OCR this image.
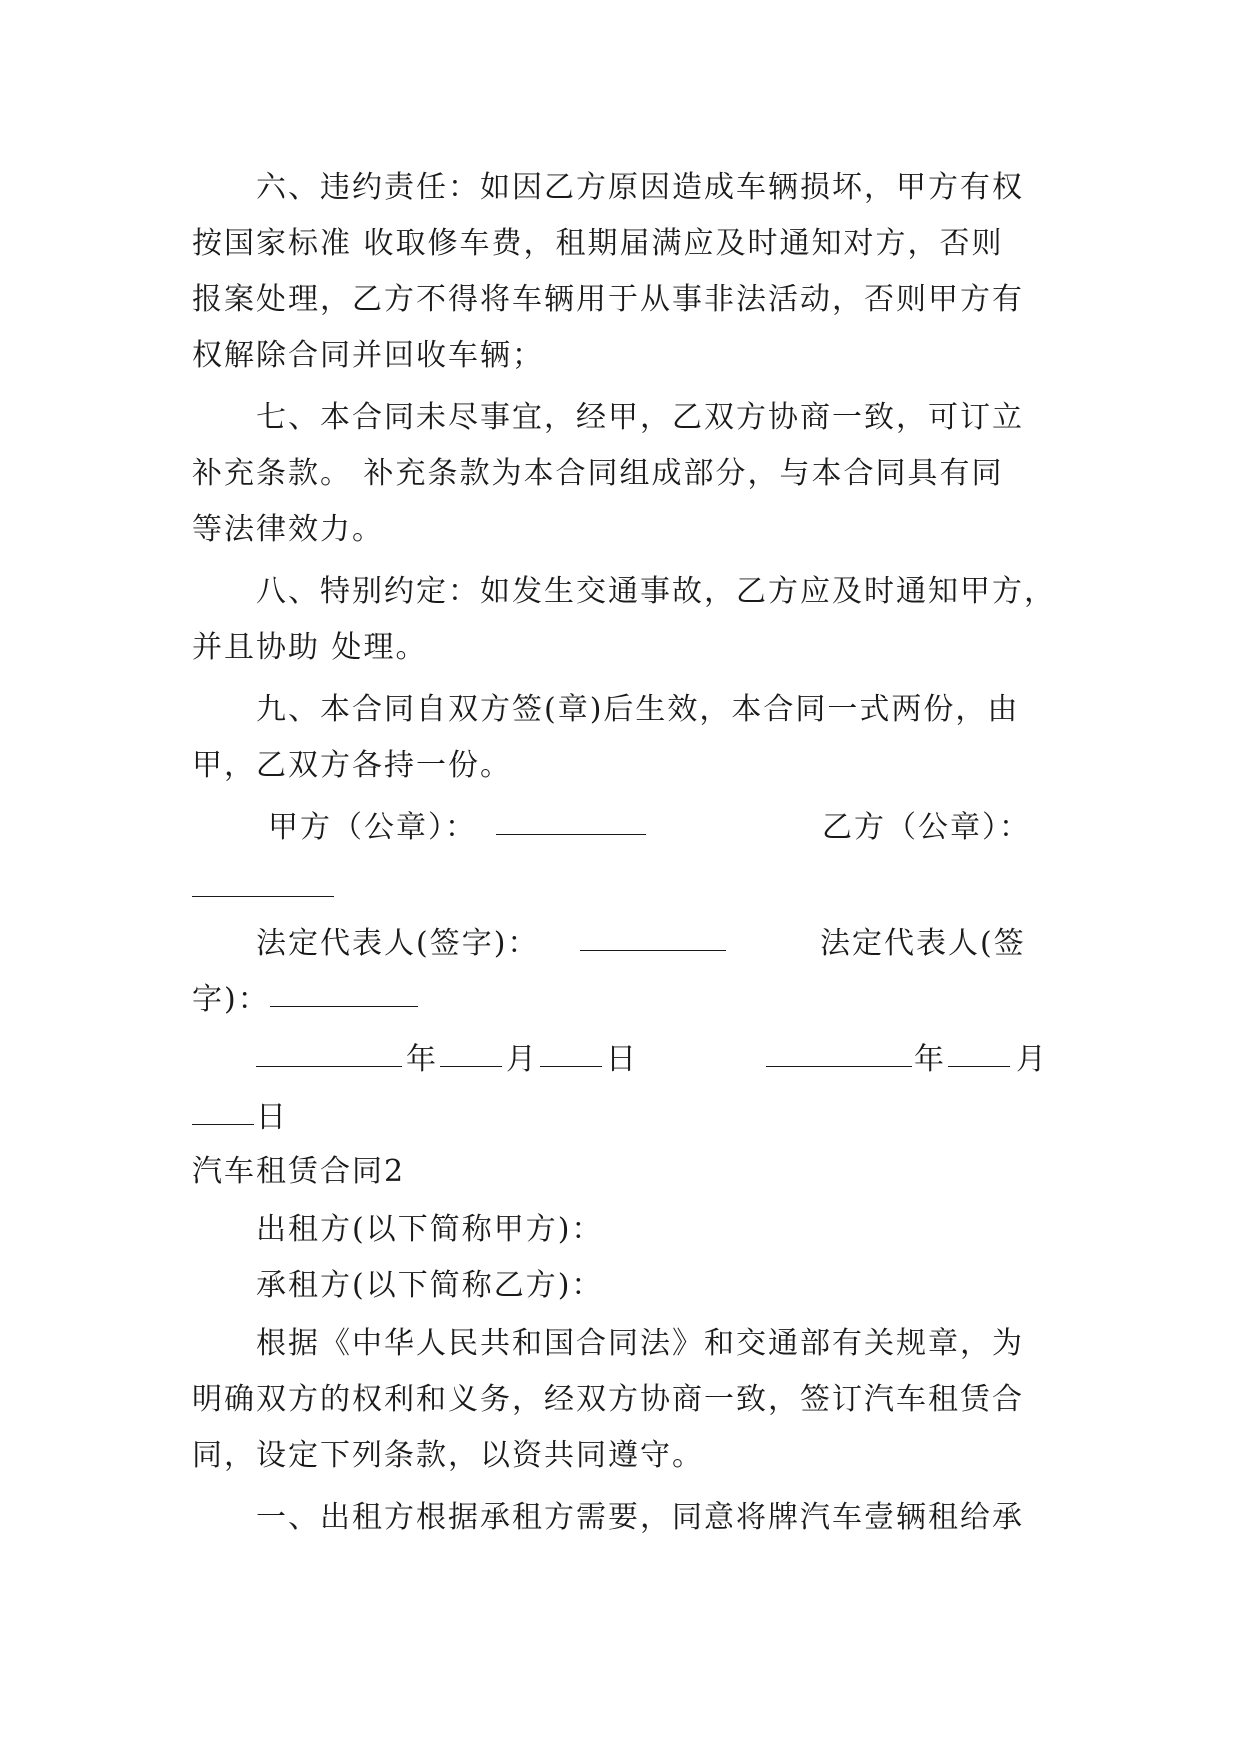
六、违约责任：如因乙方原因造成车辆损坏，甲方有权
按国家标准 收取修车费，租期届满应及时通知对方，否则
报案处理，乙方不得将车辆用于从事非法活动，否则甲方有
权解除合同并回收车辆；
七、本合同未尽事宜，经甲，乙双方协商一致，可订立
补充条款。 补充条款为本合同组成部分，与本合同具有同
等法律效力。
八、特别约定：如发生交通事故，乙方应及时通知甲方，
并且协助 处理。
九、本合同自双方签(章)后生效，本合同一式两份，由
甲，乙双方各持一份。
甲方（公章）：	乙方（公章）：
法定代表人(签字)：	法定代表人(签
字)：
年 月 日	年 月
日
汽车租赁合同2
出租方(以下简称甲方)：
承租方(以下简称乙方)：
根据《中华人民共和国合同法》和交通部有关规章，为
明确双方的权利和义务，经双方协商一致，签订汽车租赁合
同，设定下列条款，以资共同遵守。
一、出租方根据承租方需要，同意将牌汽车壹辆租给承
